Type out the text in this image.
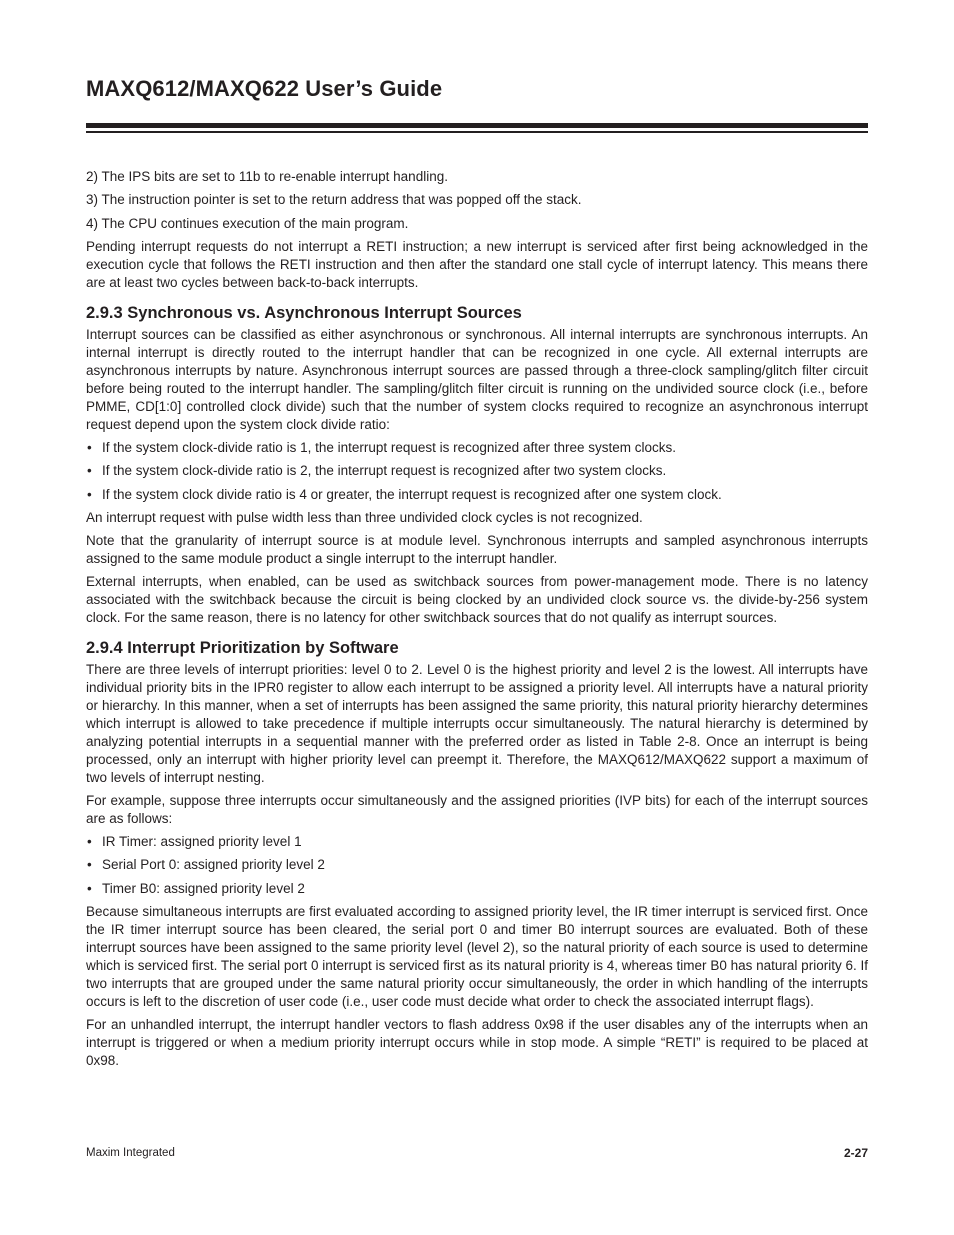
MAXQ612/MAXQ622 User’s Guide

2) The IPS bits are set to 11b to re-enable interrupt handling.

3) The instruction pointer is set to the return address that was popped off the stack.

4) The CPU continues execution of the main program.

Pending interrupt requests do not interrupt a RETI instruction; a new interrupt is serviced after first being acknowledged in the execution cycle that follows the RETI instruction and then after the standard one stall cycle of interrupt latency. This means there are at least two cycles between back-to-back interrupts.

2.9.3 Synchronous vs. Asynchronous Interrupt Sources

Interrupt sources can be classified as either asynchronous or synchronous. All internal interrupts are synchronous interrupts. An internal interrupt is directly routed to the interrupt handler that can be recognized in one cycle. All external interrupts are asynchronous interrupts by nature. Asynchronous interrupt sources are passed through a three-clock sampling/glitch filter circuit before being routed to the interrupt handler. The sampling/glitch filter circuit is running on the undivided source clock (i.e., before PMME, CD[1:0] controlled clock divide) such that the number of system clocks required to recognize an asynchronous interrupt request depend upon the system clock divide ratio:

• If the system clock-divide ratio is 1, the interrupt request is recognized after three system clocks.
• If the system clock-divide ratio is 2, the interrupt request is recognized after two system clocks.
• If the system clock divide ratio is 4 or greater, the interrupt request is recognized after one system clock.

An interrupt request with pulse width less than three undivided clock cycles is not recognized.

Note that the granularity of interrupt source is at module level. Synchronous interrupts and sampled asynchronous interrupts assigned to the same module product a single interrupt to the interrupt handler.

External interrupts, when enabled, can be used as switchback sources from power-management mode. There is no latency associated with the switchback because the circuit is being clocked by an undivided clock source vs. the divide-by-256 system clock. For the same reason, there is no latency for other switchback sources that do not qualify as interrupt sources.

2.9.4 Interrupt Prioritization by Software

There are three levels of interrupt priorities: level 0 to 2. Level 0 is the highest priority and level 2 is the lowest. All interrupts have individual priority bits in the IPR0 register to allow each interrupt to be assigned a priority level. All interrupts have a natural priority or hierarchy. In this manner, when a set of interrupts has been assigned the same priority, this natural priority hierarchy determines which interrupt is allowed to take precedence if multiple interrupts occur simultaneously. The natural hierarchy is determined by analyzing potential interrupts in a sequential manner with the preferred order as listed in Table 2-8. Once an interrupt is being processed, only an interrupt with higher priority level can preempt it. Therefore, the MAXQ612/MAXQ622 support a maximum of two levels of interrupt nesting.

For example, suppose three interrupts occur simultaneously and the assigned priorities (IVP bits) for each of the interrupt sources are as follows:

• IR Timer: assigned priority level 1
• Serial Port 0: assigned priority level 2
• Timer B0: assigned priority level 2

Because simultaneous interrupts are first evaluated according to assigned priority level, the IR timer interrupt is serviced first. Once the IR timer interrupt source has been cleared, the serial port 0 and timer B0 interrupt sources are evaluated. Both of these interrupt sources have been assigned to the same priority level (level 2), so the natural priority of each source is used to determine which is serviced first. The serial port 0 interrupt is serviced first as its natural priority is 4, whereas timer B0 has natural priority 6. If two interrupts that are grouped under the same natural priority occur simultaneously, the order in which handling of the interrupts occurs is left to the discretion of user code (i.e., user code must decide what order to check the associated interrupt flags).

For an unhandled interrupt, the interrupt handler vectors to flash address 0x98 if the user disables any of the interrupts when an interrupt is triggered or when a medium priority interrupt occurs while in stop mode. A simple “RETI” is required to be placed at 0x98.

Maxim Integrated	2-27
